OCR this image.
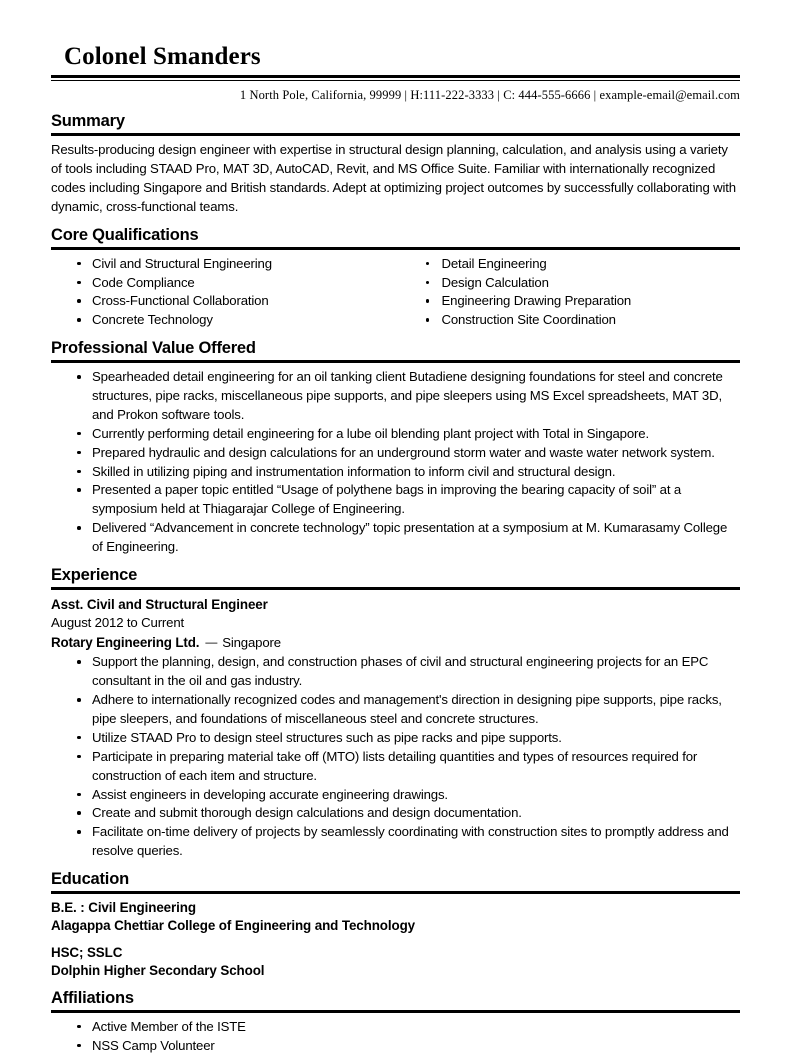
Colonel Smanders
1 North Pole, California, 99999 | H:111-222-3333 | C: 444-555-6666 | example-email@email.com
Summary

Results-producing design engineer with expertise in structural design planning, calculation, and analysis using a variety of tools including STAAD Pro, MAT 3D, AutoCAD, Revit, and MS Office Suite. Familiar with internationally recognized codes including Singapore and British standards. Adept at optimizing project outcomes by successfully collaborating with dynamic, cross-functional teams.

Core Qualifications
Civil and Structural Engineering
Code Compliance
Cross-Functional Collaboration
Concrete Technology
Detail Engineering
Design Calculation
Engineering Drawing Preparation
Construction Site Coordination
Professional Value Offered
Spearheaded detail engineering for an oil tanking client Butadiene designing foundations for steel and concrete structures, pipe racks, miscellaneous pipe supports, and pipe sleepers using MS Excel spreadsheets, MAT 3D, and Prokon software tools.
Currently performing detail engineering for a lube oil blending plant project with Total in Singapore.
Prepared hydraulic and design calculations for an underground storm water and waste water network system.
Skilled in utilizing piping and instrumentation information to inform civil and structural design.
Presented a paper topic entitled “Usage of polythene bags in improving the bearing capacity of soil” at a symposium held at Thiagarajar College of Engineering.
Delivered “Advancement in concrete technology” topic presentation at a symposium at M. Kumarasamy College of Engineering.
Experience

Asst. Civil and Structural Engineer

August 2012 to Current

Rotary Engineering Ltd. — Singapore

Support the planning, design, and construction phases of civil and structural engineering projects for an EPC consultant in the oil and gas industry.
Adhere to internationally recognized codes and management's direction in designing pipe supports, pipe racks, pipe sleepers, and foundations of miscellaneous steel and concrete structures.
Utilize STAAD Pro to design steel structures such as pipe racks and pipe supports.
Participate in preparing material take off (MTO) lists detailing quantities and types of resources required for construction of each item and structure.
Assist engineers in developing accurate engineering drawings.
Create and submit thorough design calculations and design documentation.
Facilitate on-time delivery of projects by seamlessly coordinating with construction sites to promptly address and resolve queries.
Education

B.E. : Civil Engineering

Alagappa Chettiar College of Engineering and Technology

HSC; SSLC

Dolphin Higher Secondary School

Affiliations
Active Member of the ISTE
NSS Camp Volunteer
